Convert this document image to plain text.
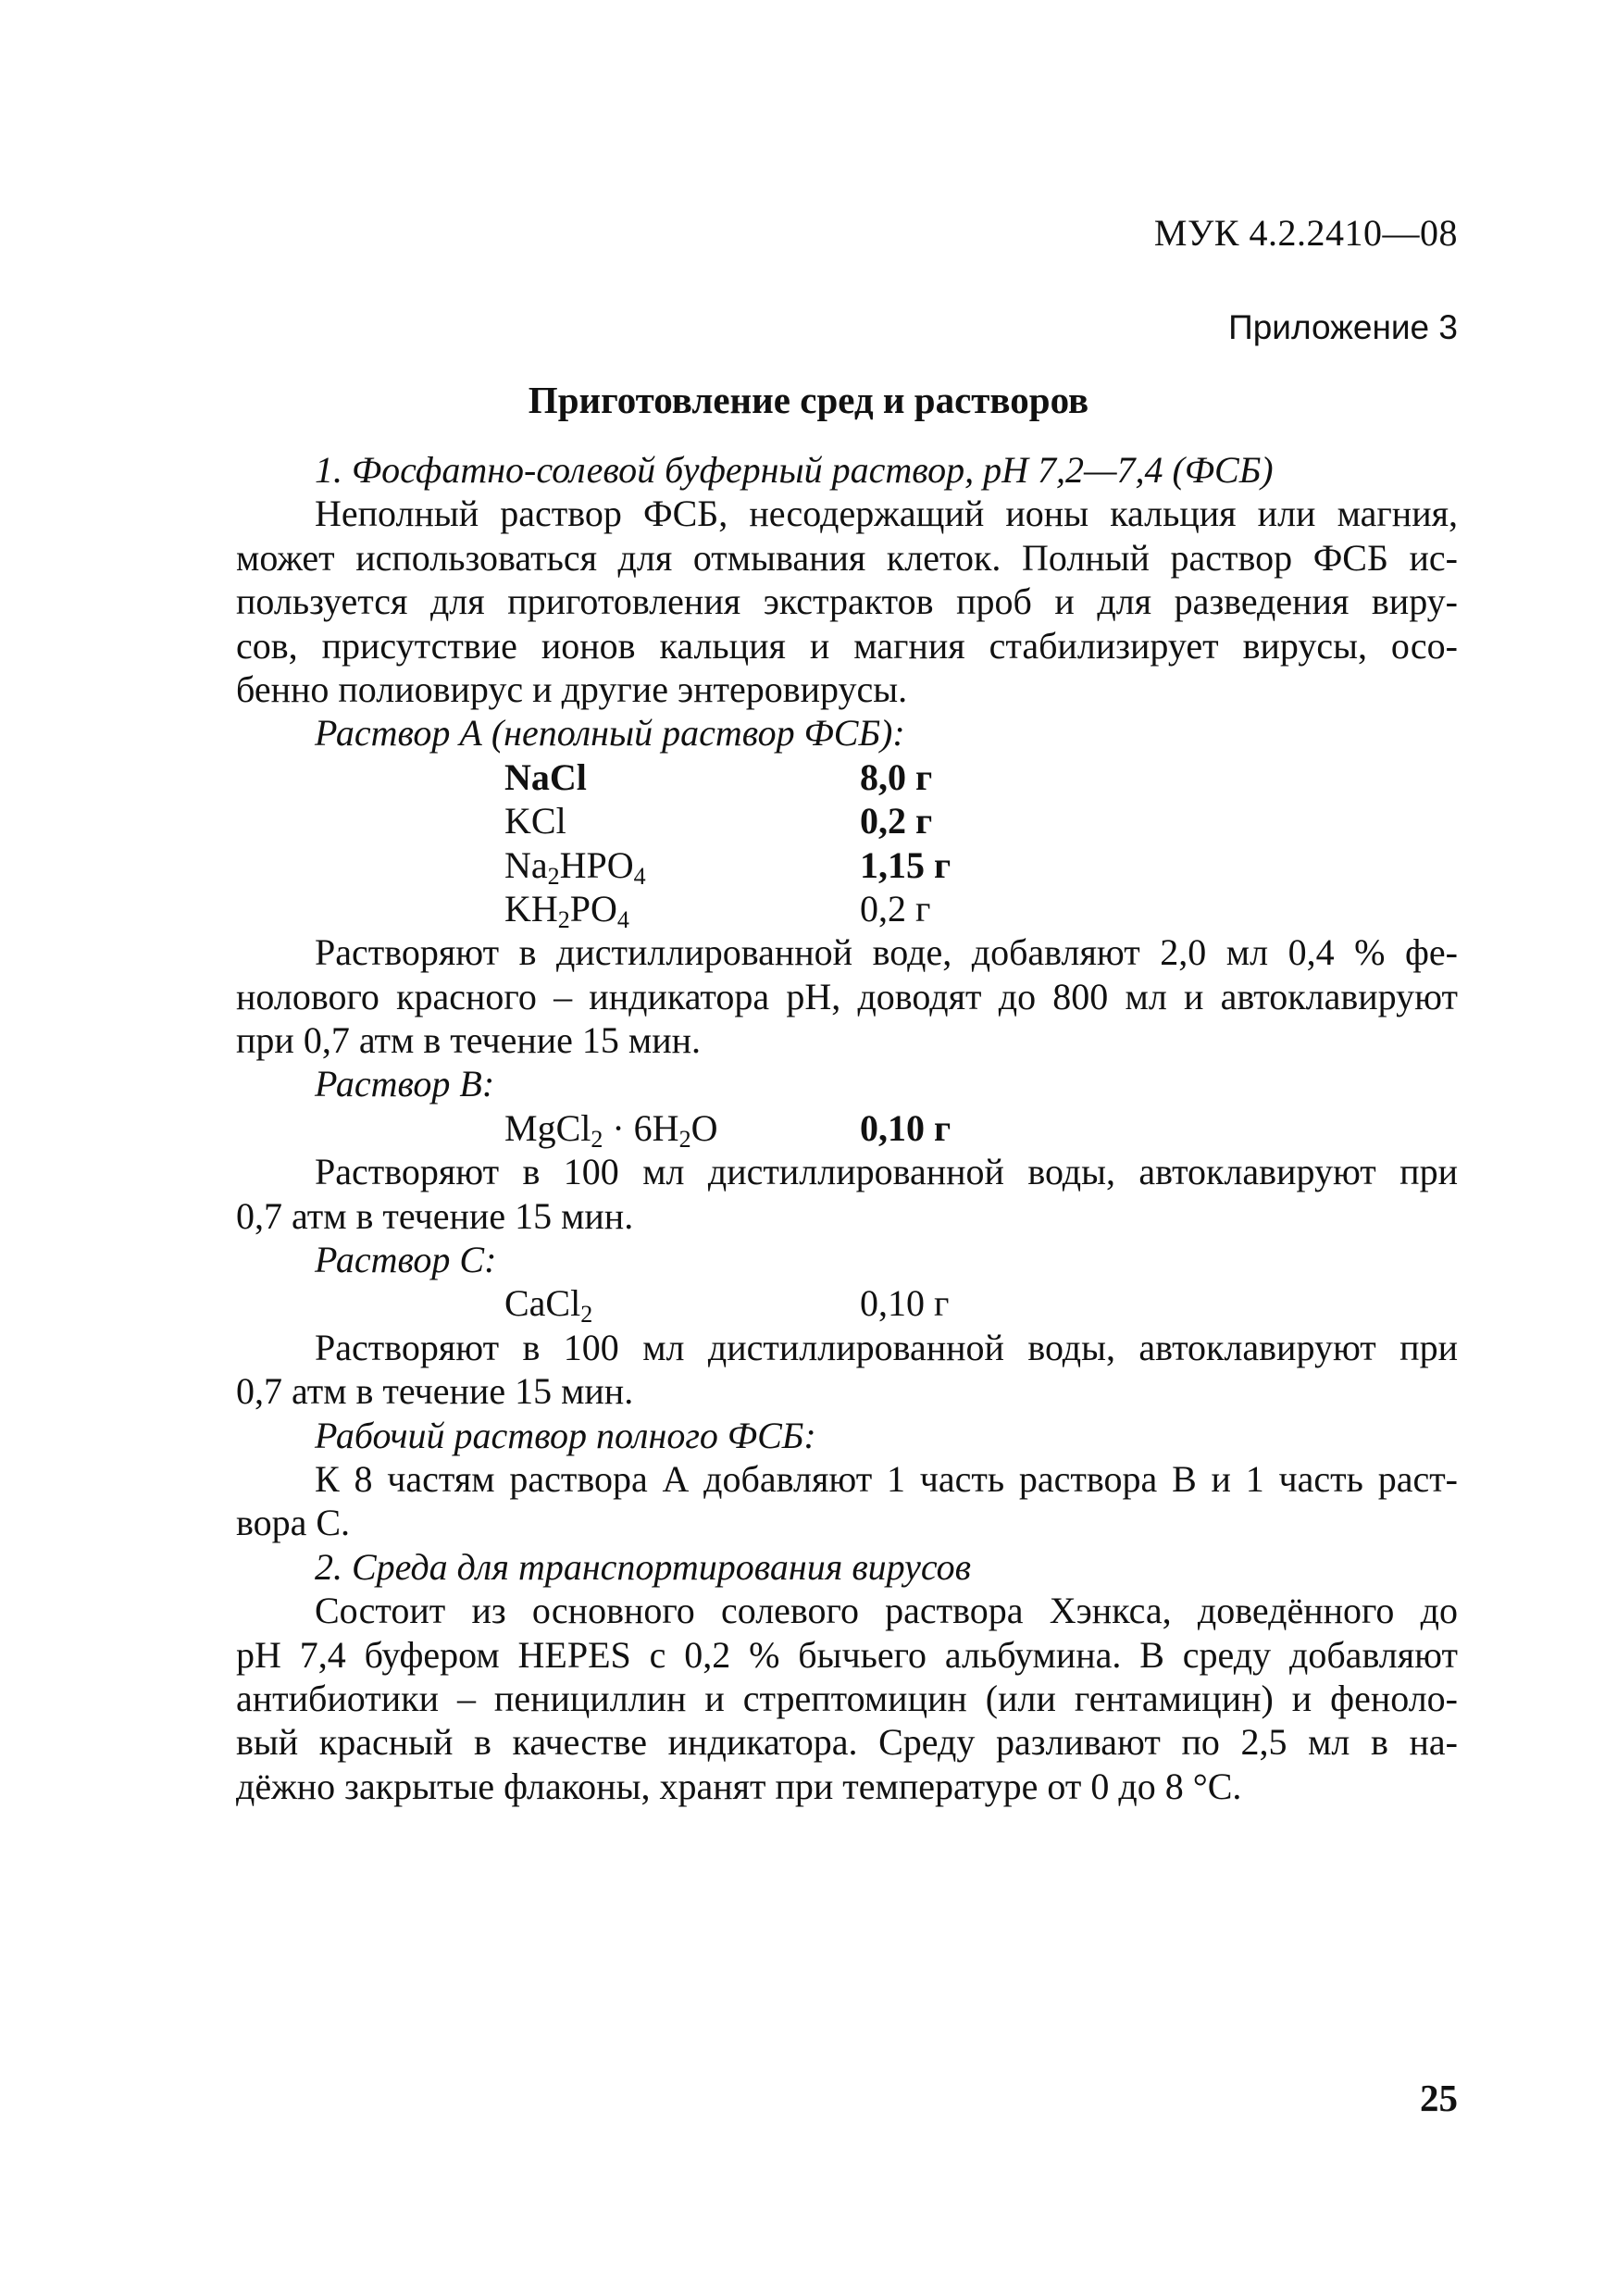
МУК 4.2.2410—08
Приложение 3
Приготовление сред и растворов
1. Фосфатно-солевой буферный раствор, pH 7,2—7,4 (ФСБ)
Неполный раствор ФСБ, несодержащий ионы кальция или магния,
может использоваться для отмывания клеток. Полный раствор ФСБ ис-
пользуется для приготовления экстрактов проб и для разведения виру-
сов, присутствие ионов кальция и магния стабилизирует вирусы, осо-
бенно полиовирус и другие энтеровирусы.
Раствор А (неполный раствор ФСБ):
NaCl	8,0 г
KCl	0,2 г
$Na_2HPO_4$	1,15 г
$KH_2PO_4$	0,2 г
Растворяют в дистиллированной воде, добавляют 2,0 мл 0,4 % фе-
нолового красного – индикатора pH, доводят до 800 мл и автоклавируют
при 0,7 атм в течение 15 мин.
Раствор В:
MgCl$_2$ · $6H_2O$	0,10 г
Растворяют в 100 мл дистиллированной воды, автоклавируют при
0,7 атм в течение 15 мин.
Раствор С:
CaCl$_2$	0,10 г
Растворяют в 100 мл дистиллированной воды, автоклавируют при
0,7 атм в течение 15 мин.
Рабочий раствор полного ФСБ:
К 8 частям раствора А добавляют 1 часть раствора В и 1 часть раст-
вора С.
2. Среда для транспортирования вирусов
Состоит из основного солевого раствора Хэнкса, доведённого до
pH 7,4 буфером HEPES с 0,2 % бычьего альбумина. В среду добавляют
антибиотики – пенициллин и стрептомицин (или гентамицин) и феноло-
вый красный в качестве индикатора. Среду разливают по 2,5 мл в на-
дёжно закрытые флаконы, хранят при температуре от 0 до 8 °С.
25
